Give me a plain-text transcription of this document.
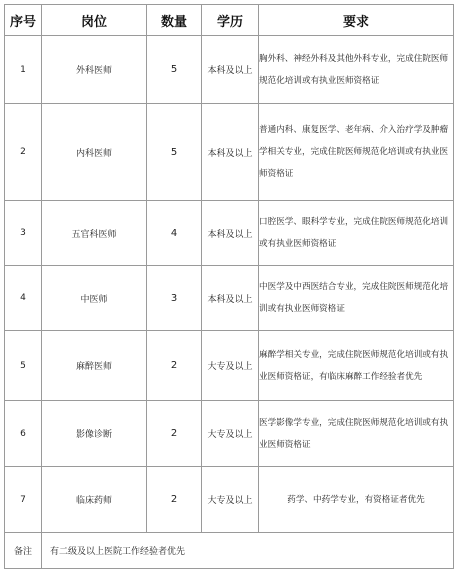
序号	岗位	数量	学历	要求
1	外科医师	5	本科及以上	胸外科、神经外科及其他外科专业，完成住院医师规范化培训或有执业医师资格证
2	内科医师	5	本科及以上	普通内科、康复医学、老年病、介入治疗学及肿瘤学相关专业，完成住院医师规范化培训或有执业医师资格证
3	五官科医师	4	本科及以上	口腔医学、眼科学专业，完成住院医师规范化培训或有执业医师资格证
4	中医师	3	本科及以上	中医学及中西医结合专业，完成住院医师规范化培训或有执业医师资格证
5	麻醉医师	2	大专及以上	麻醉学相关专业，完成住院医师规范化培训或有执业医师资格证，有临床麻醉工作经验者优先
6	影像诊断	2	大专及以上	医学影像学专业，完成住院医师规范化培训或有执业医师资格证
7	临床药师	2	大专及以上	药学、中药学专业，有资格证者优先
备注	有二级及以上医院工作经验者优先			
